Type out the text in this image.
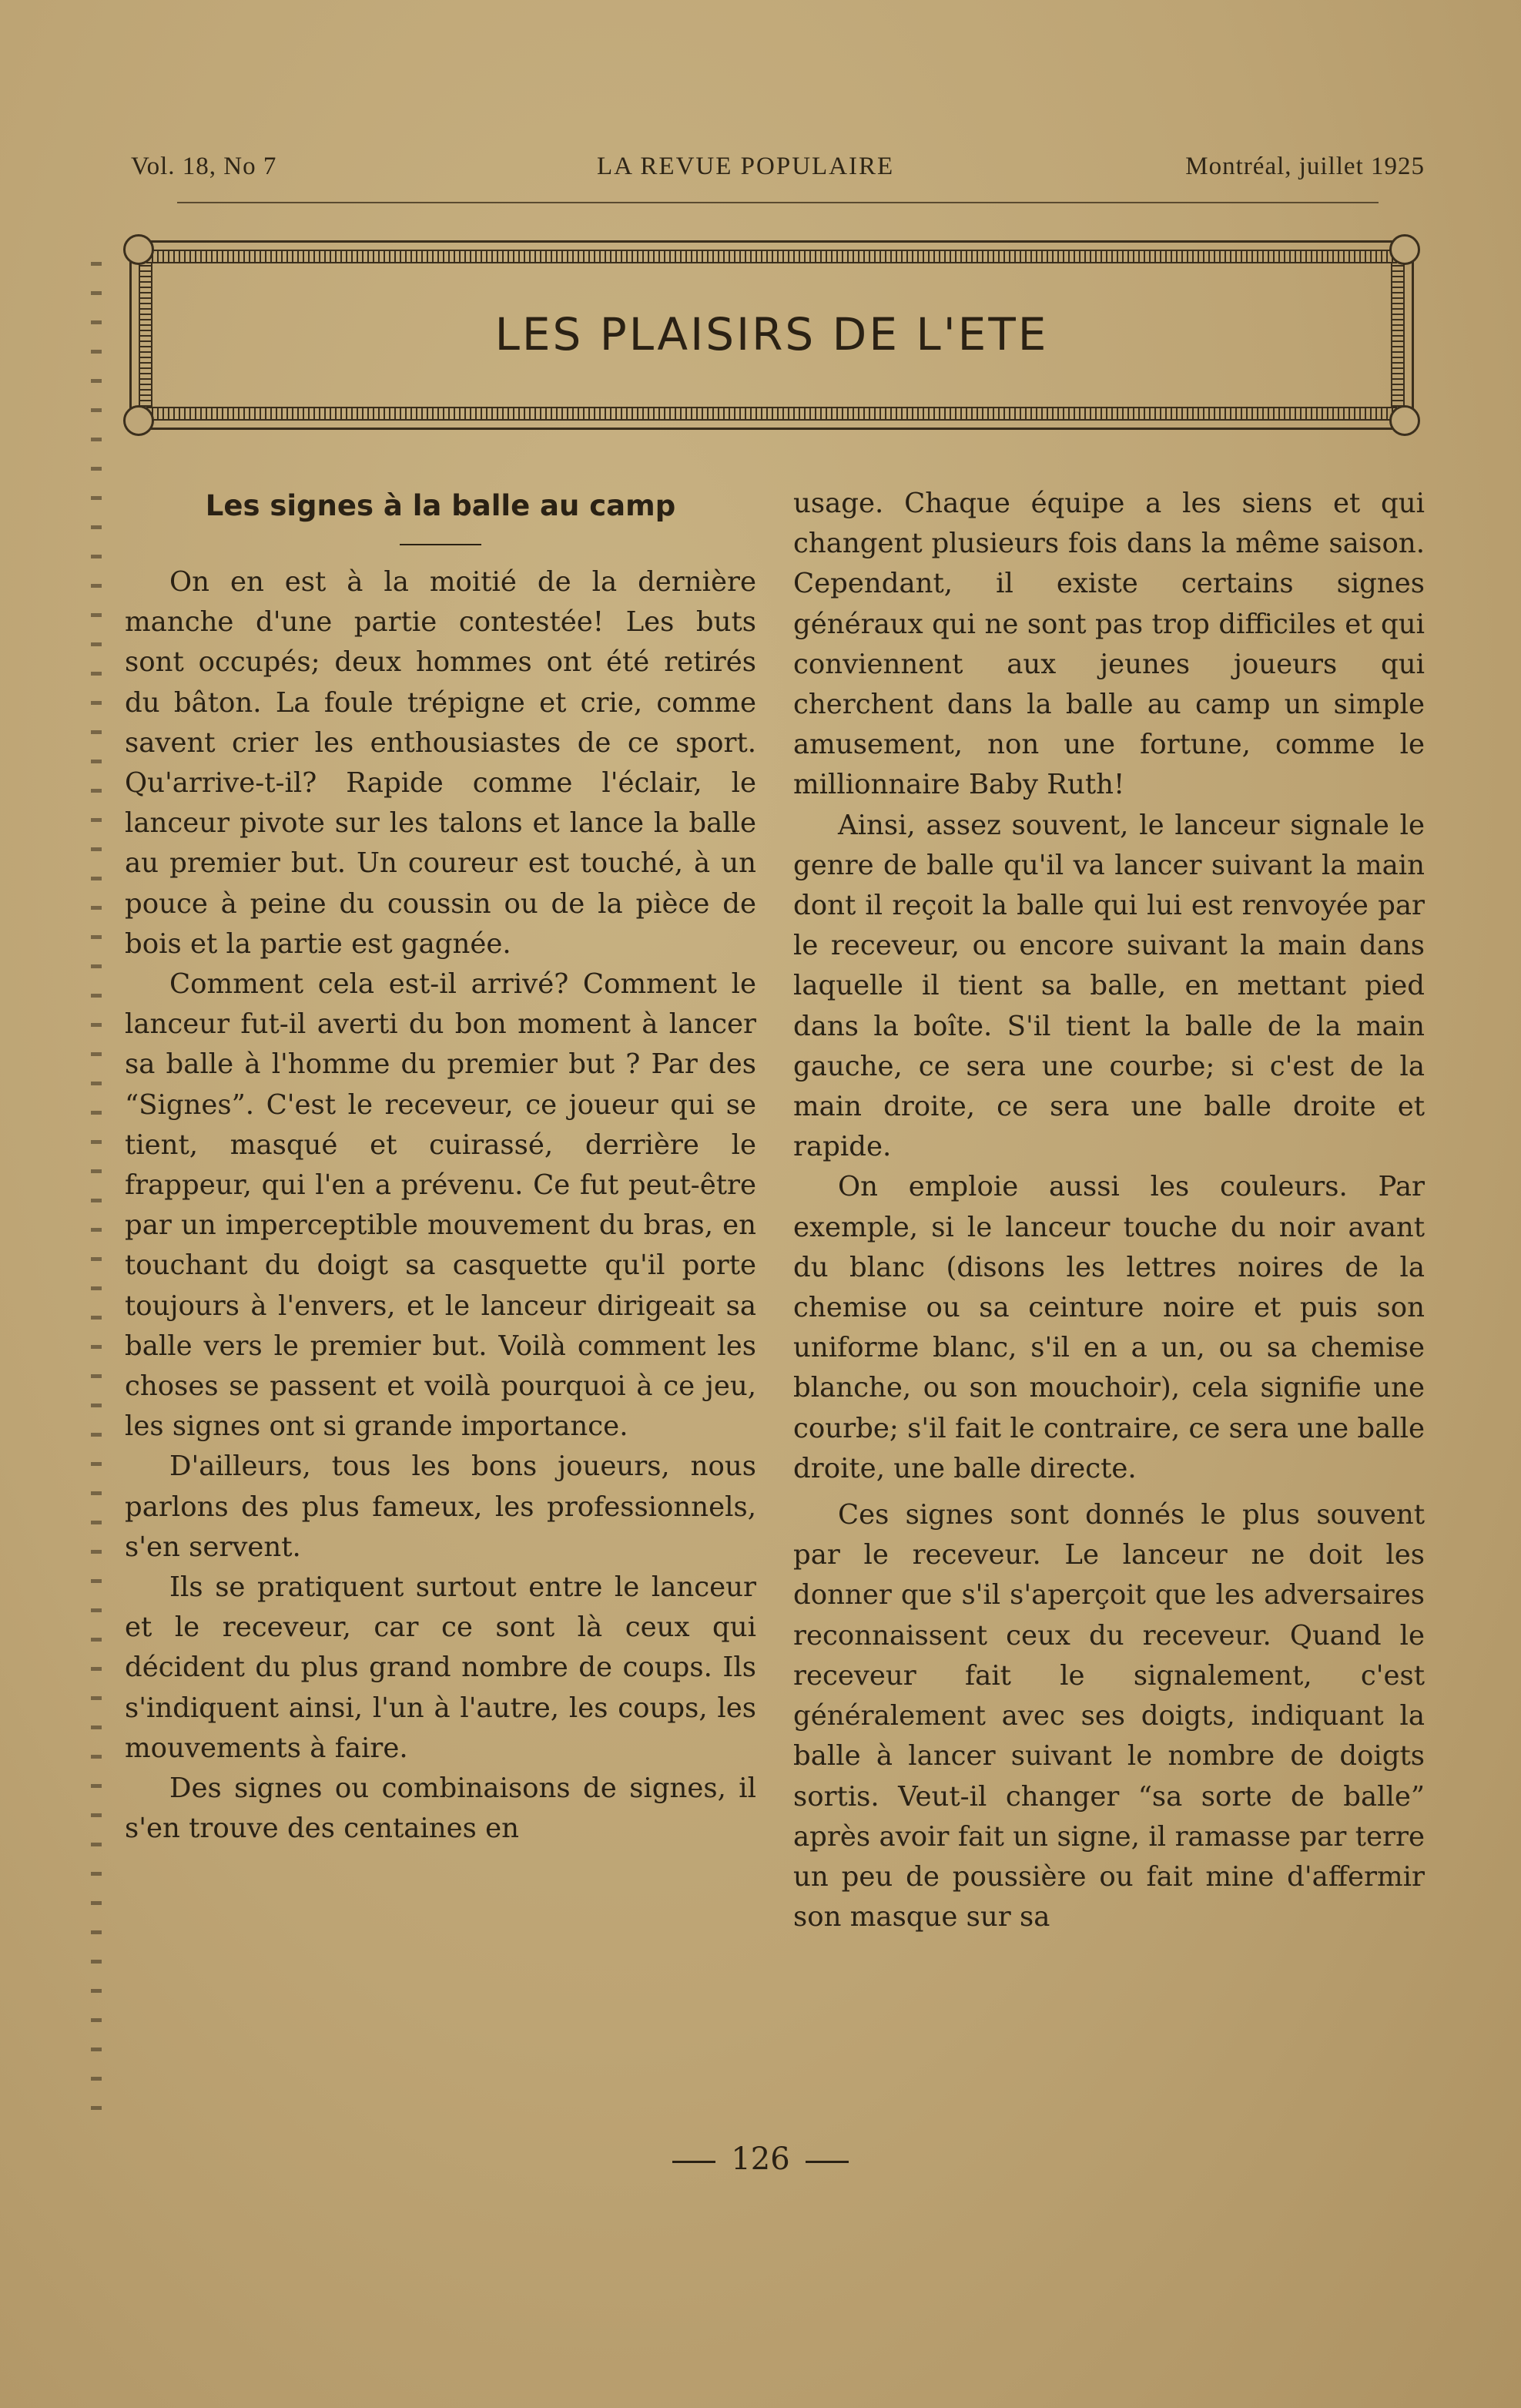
Vol. 18, No 7	LA REVUE POPULAIRE	Montréal, juillet 1925
LES PLAISIRS DE L'ETE
Les signes à la balle au camp

On en est à la moitié de la dernière manche d'une partie contestée! Les buts sont occupés; deux hommes ont été retirés du bâton. La foule trépigne et crie, comme savent crier les enthousiastes de ce sport. Qu'arrive-t-il? Rapide comme l'éclair, le lanceur pivote sur les talons et lance la balle au premier but. Un coureur est touché, à un pouce à peine du coussin ou de la pièce de bois et la partie est gagnée.

Comment cela est-il arrivé? Comment le lanceur fut-il averti du bon moment à lancer sa balle à l'homme du premier but ? Par des “Signes”. C'est le receveur, ce joueur qui se tient, masqué et cuirassé, derrière le frappeur, qui l'en a prévenu. Ce fut peut-être par un imperceptible mouvement du bras, en touchant du doigt sa casquette qu'il porte toujours à l'envers, et le lanceur dirigeait sa balle vers le premier but. Voilà comment les choses se passent et voilà pourquoi à ce jeu, les signes ont si grande importance.

D'ailleurs, tous les bons joueurs, nous parlons des plus fameux, les professionnels, s'en servent.

Ils se pratiquent surtout entre le lanceur et le receveur, car ce sont là ceux qui décident du plus grand nombre de coups. Ils s'indiquent ainsi, l'un à l'autre, les coups, les mouvements à faire.

Des signes ou combinaisons de signes, il s'en trouve des centaines en

usage. Chaque équipe a les siens et qui changent plusieurs fois dans la même saison. Cependant, il existe certains signes généraux qui ne sont pas trop difficiles et qui conviennent aux jeunes joueurs qui cherchent dans la balle au camp un simple amusement, non une fortune, comme le millionnaire Baby Ruth!

Ainsi, assez souvent, le lanceur signale le genre de balle qu'il va lancer suivant la main dont il reçoit la balle qui lui est renvoyée par le receveur, ou encore suivant la main dans laquelle il tient sa balle, en mettant pied dans la boîte. S'il tient la balle de la main gauche, ce sera une courbe; si c'est de la main droite, ce sera une balle droite et rapide.

On emploie aussi les couleurs. Par exemple, si le lanceur touche du noir avant du blanc (disons les lettres noires de la chemise ou sa ceinture noire et puis son uniforme blanc, s'il en a un, ou sa chemise blanche, ou son mouchoir), cela signifie une courbe; s'il fait le contraire, ce sera une balle droite, une balle directe.

Ces signes sont donnés le plus souvent par le receveur. Le lanceur ne doit les donner que s'il s'aperçoit que les adversaires reconnaissent ceux du receveur. Quand le receveur fait le signalement, c'est généralement avec ses doigts, indiquant la balle à lancer suivant le nombre de doigts sortis. Veut-il changer “sa sorte de balle” après avoir fait un signe, il ramasse par terre un peu de poussière ou fait mine d'affermir son masque sur sa

126
